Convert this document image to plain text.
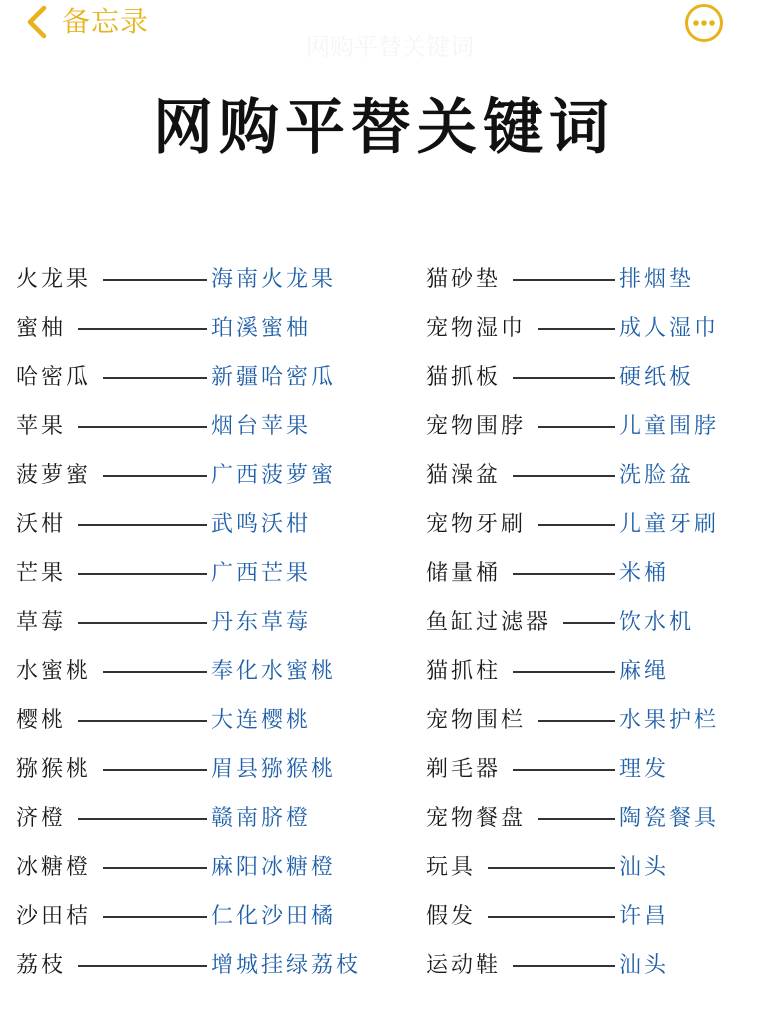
备忘录
网购平替关键词
网购平替关键词
火龙果	海南火龙果	猫砂垫	排烟垫
蜜柚	珀溪蜜柚	宠物湿巾	成人湿巾
哈密瓜	新疆哈密瓜	猫抓板	硬纸板
苹果	烟台苹果	宠物围脖	儿童围脖
菠萝蜜	广西菠萝蜜	猫澡盆	洗脸盆
沃柑	武鸣沃柑	宠物牙刷	儿童牙刷
芒果	广西芒果	储量桶	米桶
草莓	丹东草莓	鱼缸过滤器	饮水机
水蜜桃	奉化水蜜桃	猫抓柱	麻绳
樱桃	大连樱桃	宠物围栏	水果护栏
猕猴桃	眉县猕猴桃	剃毛器	理发
济橙	赣南脐橙	宠物餐盘	陶瓷餐具
冰糖橙	麻阳冰糖橙	玩具	汕头
沙田桔	仁化沙田橘	假发	许昌
荔枝	增城挂绿荔枝	运动鞋	汕头
